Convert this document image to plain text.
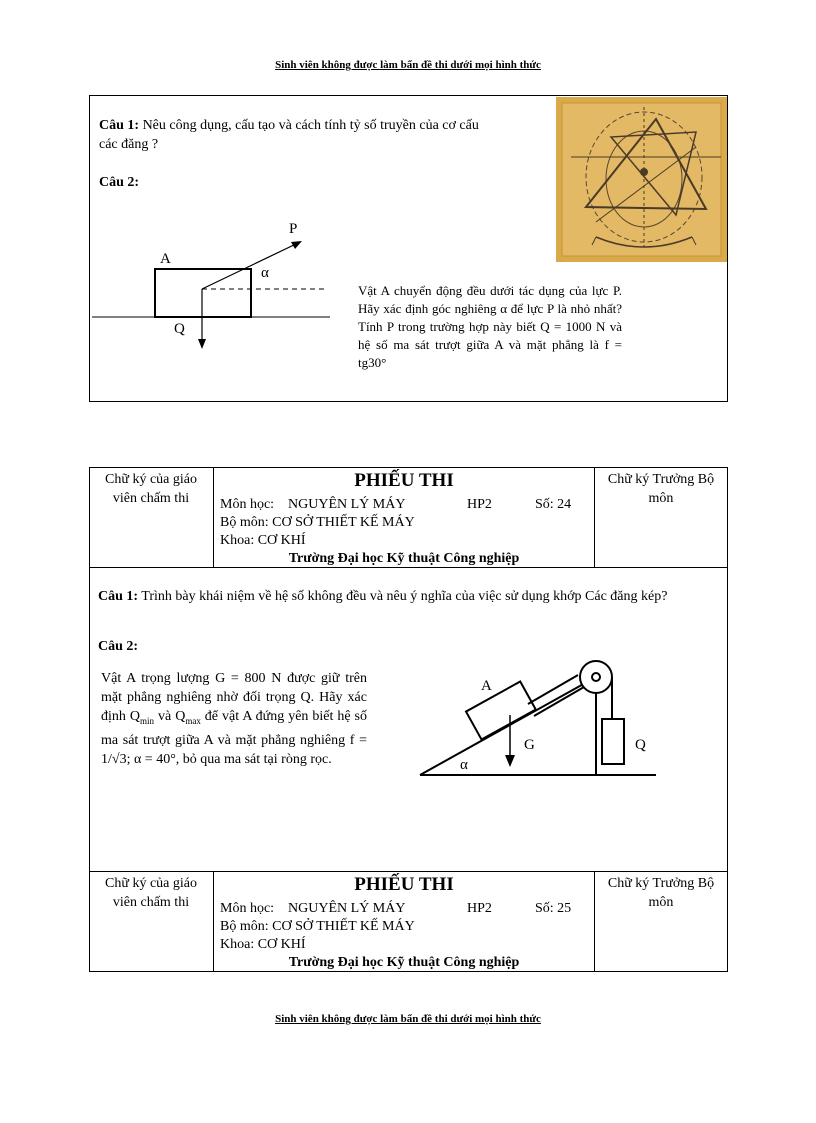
Sinh viên không được làm bẩn đề thi dưới mọi hình thức
Câu 1: Nêu công dụng, cấu tạo và cách tính tỷ số truyền của cơ cấu các đăng ?
Câu 2:
Vật A chuyển động đều dưới tác dụng của lực P. Hãy xác định góc nghiêng α để lực P là nhỏ nhất? Tính P trong trường hợp này biết Q = 1000 N và hệ số ma sát trượt giữa A và mặt phẳng là f = tg30°
P
A
Q
α
Chữ ký của giáo viên chấm thi
PHIẾU THI
Môn học: NGUYÊN LÝ MÁY	HP2	Số: 24
Bộ môn: CƠ SỞ THIẾT KẾ MÁY
Khoa: CƠ KHÍ
Trường Đại học Kỹ thuật Công nghiệp
Chữ ký Trưởng Bộ môn
Câu 1: Trình bày khái niệm về hệ số không đều và nêu ý nghĩa của việc sử dụng khớp Các đăng kép?
Câu 2:
Vật A trọng lượng G = 800 N được giữ trên mặt phẳng nghiêng nhờ đối trọng Q. Hãy xác định $Q_{min}$ và $Q_{max}$ để vật A đứng yên biết hệ số ma sát trượt giữa A và mặt phẳng nghiêng f = 1/√3; α = 40°, bỏ qua ma sát tại ròng rọc.
A
G	Q
α
Chữ ký của giáo viên chấm thi
PHIẾU THI
Môn học: NGUYÊN LÝ MÁY	HP2	Số: 25
Bộ môn: CƠ SỞ THIẾT KẾ MÁY
Khoa: CƠ KHÍ
Trường Đại học Kỹ thuật Công nghiệp
Chữ ký Trưởng Bộ môn
Sinh viên không được làm bẩn đề thi dưới mọi hình thức
